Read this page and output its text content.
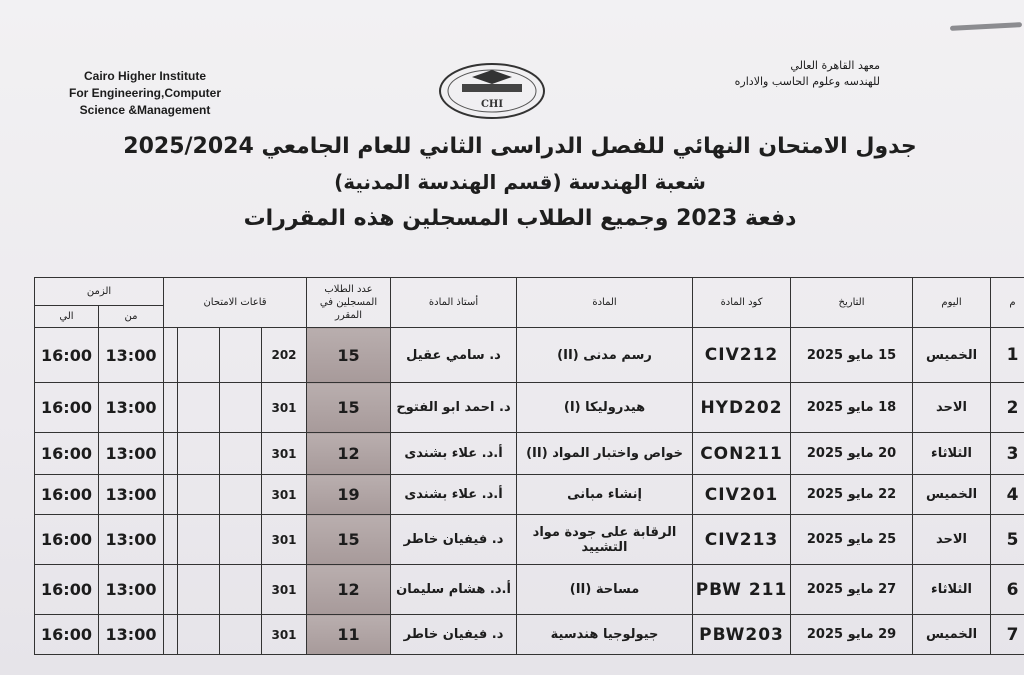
Cairo Higher Institute
For Engineering,Computer
Science &Management	CHI
معهد القاهرة العالي
للهندسه وعلوم الحاسب والاداره
جدول الامتحان النهائي للفصل الدراسى الثاني للعام الجامعي 2025/2024
شعبة الهندسة (قسم الهندسة المدنية)
دفعة 2023 وجميع الطلاب المسجلين هذه المقررات
م	اليوم	التاريخ	كود المادة	المادة	أستاذ المادة	عدد الطلاب المسجلين في المقرر	قاعات الامتحان				الزمن	
											من	الي
1	الخميس	15 مايو 2025	CIV212	رسم مدنى (II)	د. سامي عقيل	15	202				13:00	16:00
2	الاحد	18 مايو 2025	HYD202	هيدروليكا (I)	د. احمد ابو الفتوح	15	301				13:00	16:00
3	الثلاثاء	20 مايو 2025	CON211	خواص واختبار المواد (II)	أ.د. علاء بشندى	12	301				13:00	16:00
4	الخميس	22 مايو 2025	CIV201	إنشاء مبانى	أ.د. علاء بشندى	19	301				13:00	16:00
5	الاحد	25 مايو 2025	CIV213	الرقابة على جودة مواد التشييد	د. فيفيان خاطر	15	301				13:00	16:00
6	الثلاثاء	27 مايو 2025	PBW 211	مساحة (II)	أ.د. هشام سليمان	12	301				13:00	16:00
7	الخميس	29 مايو 2025	PBW203	جيولوجيا هندسية	د. فيفيان خاطر	11	301				13:00	16:00
